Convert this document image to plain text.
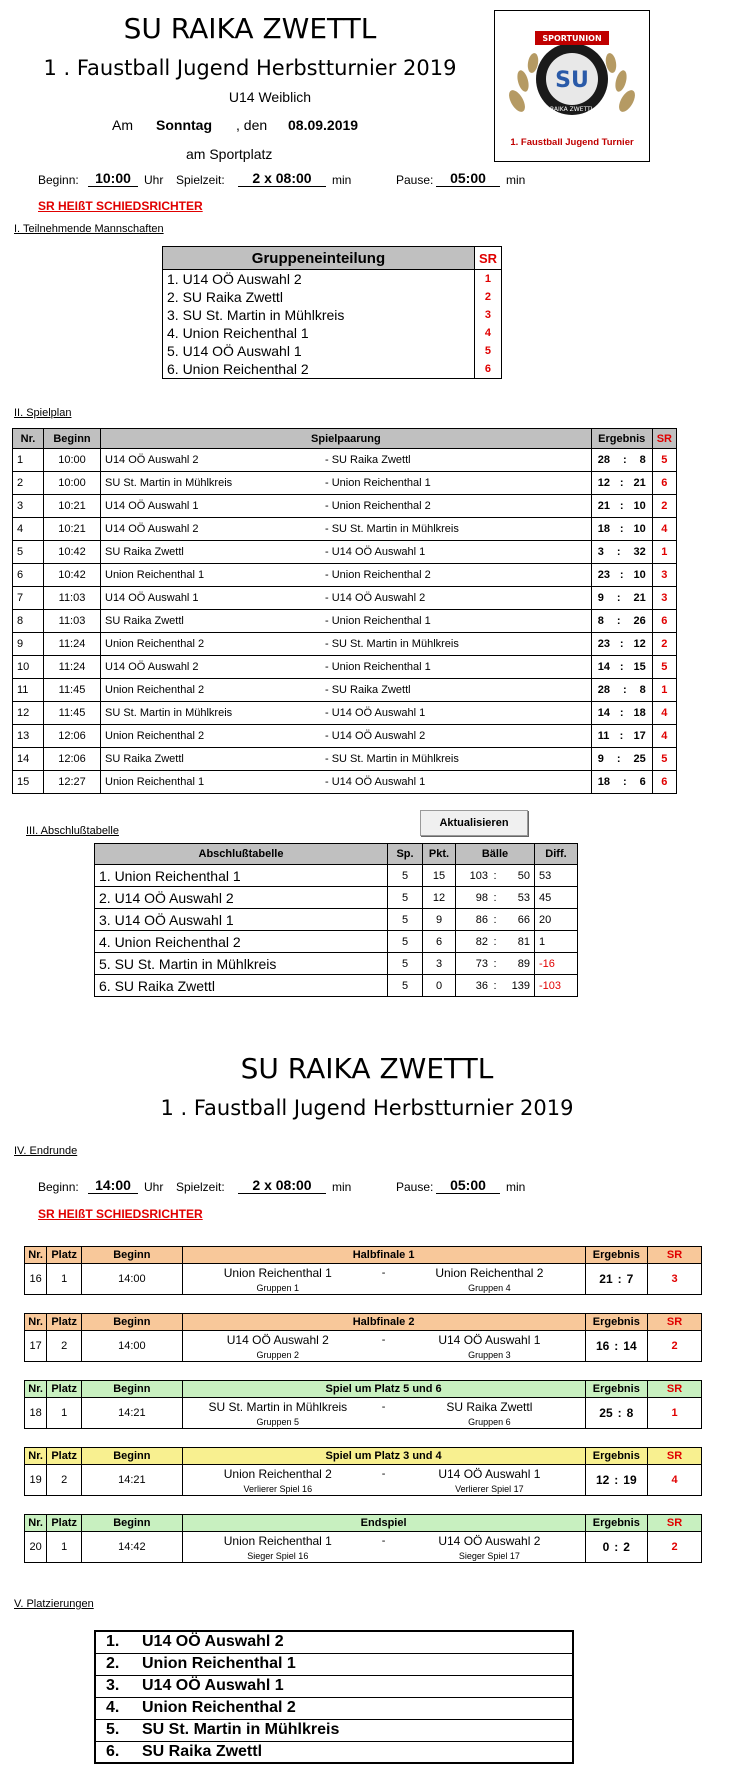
SU RAIKA ZWETTL
1 . Faustball Jugend Herbstturnier 2019
U14 Weiblich
Am Sonntag , den 08.09.2019
am Sportplatz
SPORTUNION
SU
RAIKA ZWETTL
1. Faustball Jugend Turnier
Beginn:	10:00	Uhr Spielzeit:	2 x 08:00	min	Pause:	05:00	min
SR HEIßT SCHIEDSRICHTER
I. Teilnehmende Mannschaften
Gruppeneinteilung	SR
1. U14 OÖ Auswahl 2	1
2. SU Raika Zwettl	2
3. SU St. Martin in Mühlkreis	3
4. Union Reichenthal 1	4
5. U14 OÖ Auswahl 1	5
6. Union Reichenthal 2	6
II. Spielplan
Nr.	Beginn	Spielpaarung		Ergebnis	SR
1	10:00	U14 OÖ Auswahl 2	- SU Raika Zwettl	28 : 8	5
2	10:00	SU St. Martin in Mühlkreis	- Union Reichenthal 1	12 : 21	6
3	10:21	U14 OÖ Auswahl 1	- Union Reichenthal 2	21 : 10	2
4	10:21	U14 OÖ Auswahl 2	- SU St. Martin in Mühlkreis	18 : 10	4
5	10:42	SU Raika Zwettl	- U14 OÖ Auswahl 1	3 : 32	1
6	10:42	Union Reichenthal 1	- Union Reichenthal 2	23 : 10	3
7	11:03	U14 OÖ Auswahl 1	- U14 OÖ Auswahl 2	9 : 21	3
8	11:03	SU Raika Zwettl	- Union Reichenthal 1	8 : 26	6
9	11:24	Union Reichenthal 2	- SU St. Martin in Mühlkreis	23 : 12	2
10	11:24	U14 OÖ Auswahl 2	- Union Reichenthal 1	14 : 15	5
11	11:45	Union Reichenthal 2	- SU Raika Zwettl	28 : 8	1
12	11:45	SU St. Martin in Mühlkreis	- U14 OÖ Auswahl 1	14 : 18	4
13	12:06	Union Reichenthal 2	- U14 OÖ Auswahl 2	11 : 17	4
14	12:06	SU Raika Zwettl	- SU St. Martin in Mühlkreis	9 : 25	5
15	12:27	Union Reichenthal 1	- U14 OÖ Auswahl 1	18 : 6	6
III. Abschlußtabelle
Aktualisieren
Abschlußtabelle	Sp.	Pkt.	Bälle			Diff.
1. Union Reichenthal 1	5	15	103	:	50	53
2. U14 OÖ Auswahl 2	5	12	98	:	53	45
3. U14 OÖ Auswahl 1	5	9	86	:	66	20
4. Union Reichenthal 2	5	6	82	:	81	1
5. SU St. Martin in Mühlkreis	5	3	73	:	89	-16
6. SU Raika Zwettl	5	0	36	:	139	-103
SU RAIKA ZWETTL
1 . Faustball Jugend Herbstturnier 2019
IV. Endrunde
Beginn:	14:00	Uhr Spielzeit:	2 x 08:00	min	Pause:	05:00	min
SR HEIßT SCHIEDSRICHTER
Nr.	Platz	Beginn	Halbfinale 1			Ergebnis	SR
16	1	14:00	Union Reichenthal 1	-	Union Reichenthal 2	21 : 7	3
			Gruppen 1		Gruppen 4		
Nr.	Platz	Beginn	Halbfinale 2			Ergebnis	SR
17	2	14:00	U14 OÖ Auswahl 2	-	U14 OÖ Auswahl 1	16 : 14	2
			Gruppen 2		Gruppen 3		
Nr.	Platz	Beginn	Spiel um Platz 5 und 6			Ergebnis	SR
18	1	14:21	SU St. Martin in Mühlkreis	-	SU Raika Zwettl	25 : 8	1
			Gruppen 5		Gruppen 6		
Nr.	Platz	Beginn	Spiel um Platz 3 und 4			Ergebnis	SR
19	2	14:21	Union Reichenthal 2	-	U14 OÖ Auswahl 1	12 : 19	4
			Verlierer Spiel 16		Verlierer Spiel 17		
Nr.	Platz	Beginn	Endspiel			Ergebnis	SR
20	1	14:42	Union Reichenthal 1	-	U14 OÖ Auswahl 2	0 : 2	2
			Sieger Spiel 16		Sieger Spiel 17		
V. Platzierungen
1.	U14 OÖ Auswahl 2
2.	Union Reichenthal 1
3.	U14 OÖ Auswahl 1
4.	Union Reichenthal 2
5.	SU St. Martin in Mühlkreis
6.	SU Raika Zwettl
